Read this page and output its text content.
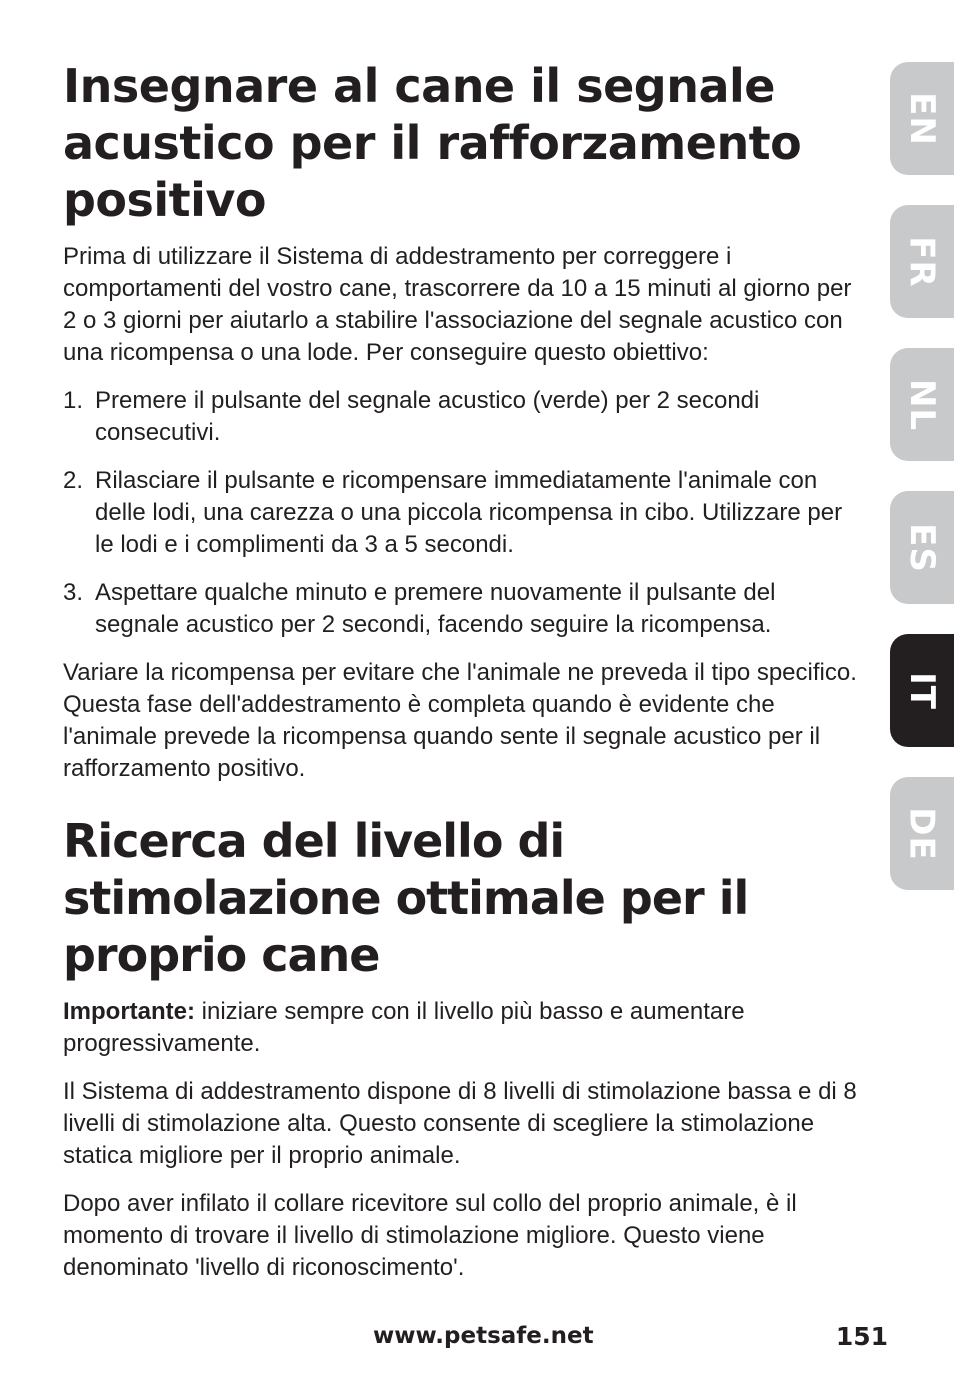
Insegnare al cane il segnale acustico per il rafforzamento positivo

Prima di utilizzare il Sistema di addestramento per correggere i comportamenti del vostro cane, trascorrere da 10 a 15 minuti al giorno per 2 o 3 giorni per aiutarlo a stabilire l'associazione del segnale acustico con una ricompensa o una lode. Per conseguire questo obiettivo:

1. Premere il pulsante del segnale acustico (verde) per 2 secondi consecutivi.
2. Rilasciare il pulsante e ricompensare immediatamente l'animale con delle lodi, una carezza o una piccola ricompensa in cibo. Utilizzare per le lodi e i complimenti da 3 a 5 secondi.
3. Aspettare qualche minuto e premere nuovamente il pulsante del segnale acustico per 2 secondi, facendo seguire la ricompensa.

Variare la ricompensa per evitare che l'animale ne preveda il tipo specifico. Questa fase dell'addestramento è completa quando è evidente che l'animale prevede la ricompensa quando sente il segnale acustico per il rafforzamento positivo.

Ricerca del livello di stimolazione ottimale per il proprio cane

Importante: iniziare sempre con il livello più basso e aumentare progressivamente.

Il Sistema di addestramento dispone di 8 livelli di stimolazione bassa e di 8 livelli di stimolazione alta. Questo consente di scegliere la stimolazione statica migliore per il proprio animale.

Dopo aver infilato il collare ricevitore sul collo del proprio animale, è il momento di trovare il livello di stimolazione migliore. Questo viene denominato 'livello di riconoscimento'.

EN
FR
NL
ES
IT
DE
www.petsafe.net	151
